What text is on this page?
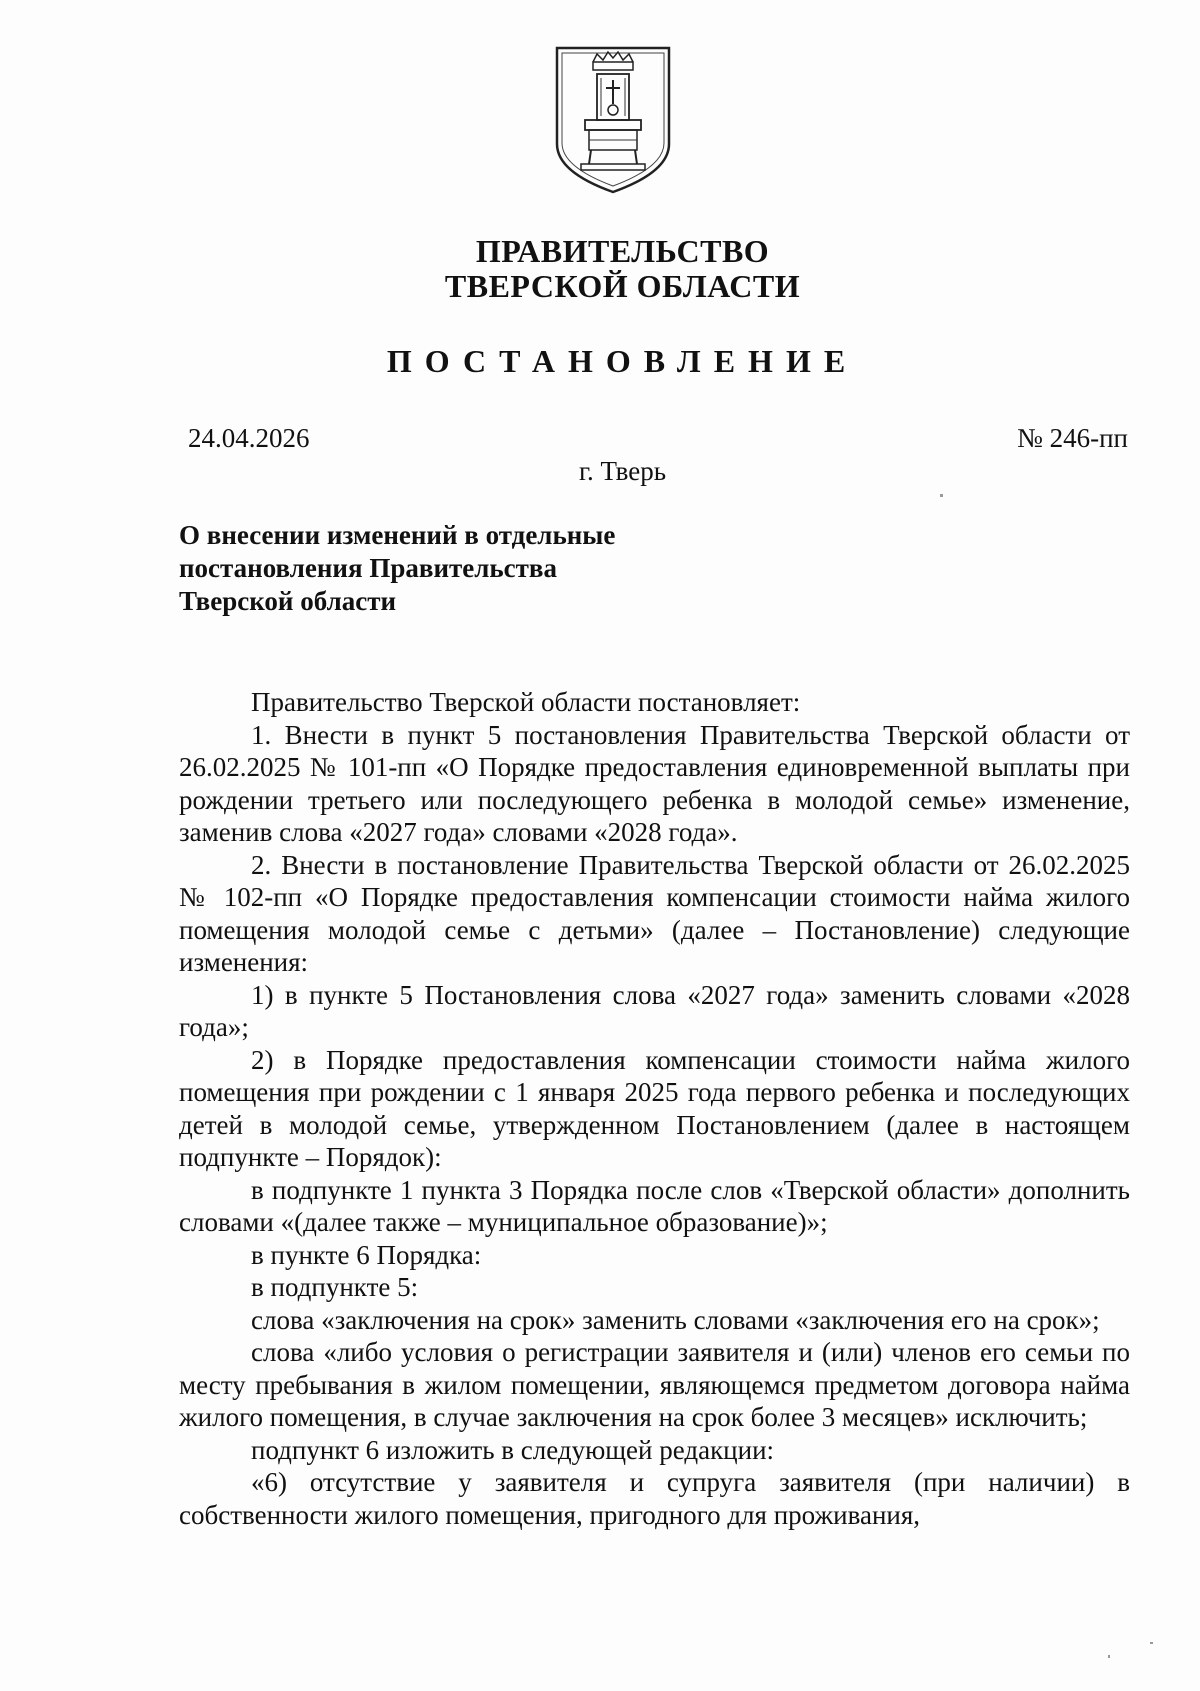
ПРАВИТЕЛЬСТВО
ТВЕРСКОЙ ОБЛАСТИ
ПОСТАНОВЛЕНИЕ
24.04.2026	№ 246-пп
г. Тверь
О внесении изменений в отдельные
постановления Правительства
Тверской области

Правительство Тверской области постановляет:

1. Внести в пункт 5 постановления Правительства Тверской области от 26.02.2025 № 101-пп «О Порядке предоставления единовременной выплаты при рождении третьего или последующего ребенка в молодой семье» изменение, заменив слова «2027 года» словами «2028 года».

2. Внести в постановление Правительства Тверской области от 26.02.2025 № 102-пп «О Порядке предоставления компенсации стоимости найма жилого помещения молодой семье с детьми» (далее – Постановление) следующие изменения:

1) в пункте 5 Постановления слова «2027 года» заменить словами «2028 года»;

2) в Порядке предоставления компенсации стоимости найма жилого помещения при рождении с 1 января 2025 года первого ребенка и последующих детей в молодой семье, утвержденном Постановлением (далее в настоящем подпункте – Порядок):

в подпункте 1 пункта 3 Порядка после слов «Тверской области» дополнить словами «(далее также – муниципальное образование)»;

в пункте 6 Порядка:

в подпункте 5:

слова «заключения на срок» заменить словами «заключения его на срок»;

слова «либо условия о регистрации заявителя и (или) членов его семьи по месту пребывания в жилом помещении, являющемся предметом договора найма жилого помещения, в случае заключения на срок более 3 месяцев» исключить;

подпункт 6 изложить в следующей редакции:

«6) отсутствие у заявителя и супруга заявителя (при наличии) в собственности жилого помещения, пригодного для проживания,
